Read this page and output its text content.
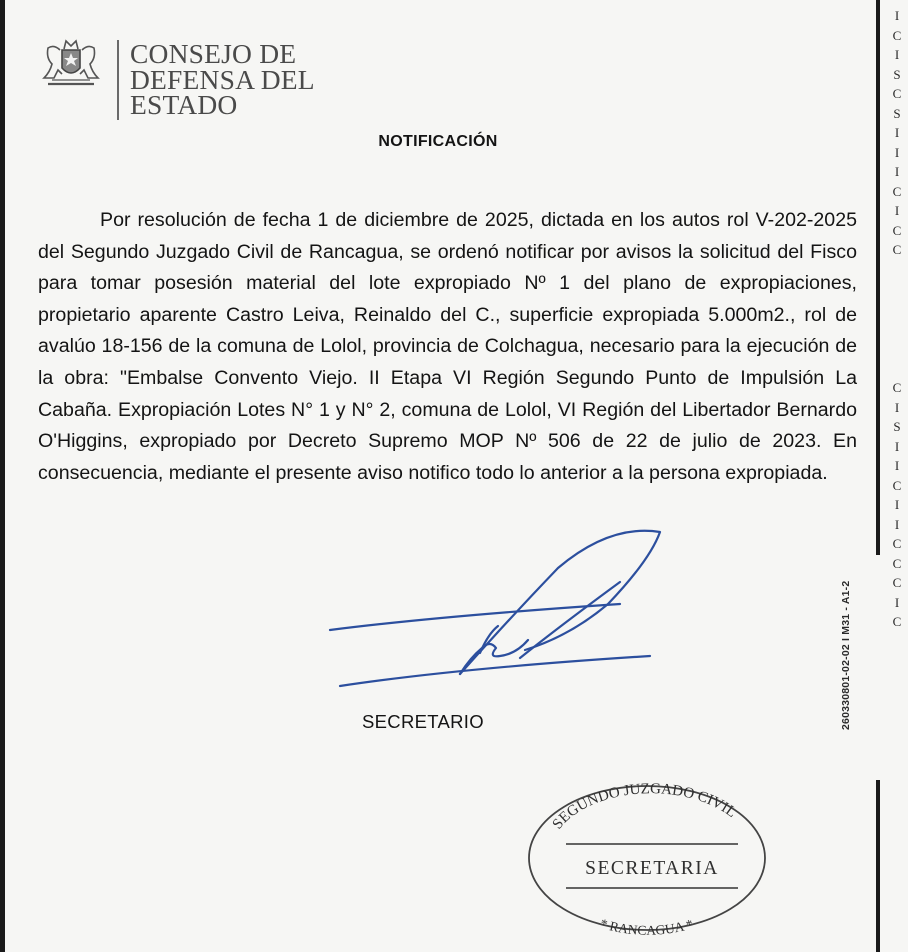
CONSEJO DE
DEFENSA DEL
ESTADO
NOTIFICACIÓN

Por resolución de fecha 1 de diciembre de 2025, dictada en los autos rol V-202-2025 del Segundo Juzgado Civil de Rancagua, se ordenó notificar por avisos la solicitud del Fisco para tomar posesión material del lote expropiado Nº 1 del plano de expropiaciones, propietario aparente Castro Leiva, Reinaldo del C., superficie expropiada 5.000m2., rol de avalúo 18-156 de la comuna de Lolol, provincia de Colchagua, necesario para la ejecución de la obra: "Embalse Convento Viejo. II Etapa VI Región Segundo Punto de Impulsión La Cabaña. Expropiación Lotes N° 1 y N° 2, comuna de Lolol, VI Región del Libertador Bernardo O'Higgins, expropiado por Decreto Supremo MOP Nº 506 de 22 de julio de 2023. En consecuencia, mediante el presente aviso notifico todo lo anterior a la persona expropiada.

SECRETARIO
SEGUNDO JUZGADO CIVIL
SECRETARIA
* RANCAGUA *
260330801-02-02 I M31 - A1-2
I
C
I
S
C
S
I
I
I
C
I
C
C
C
I
S
I
I
C
I
I
C
C
C
I
C
